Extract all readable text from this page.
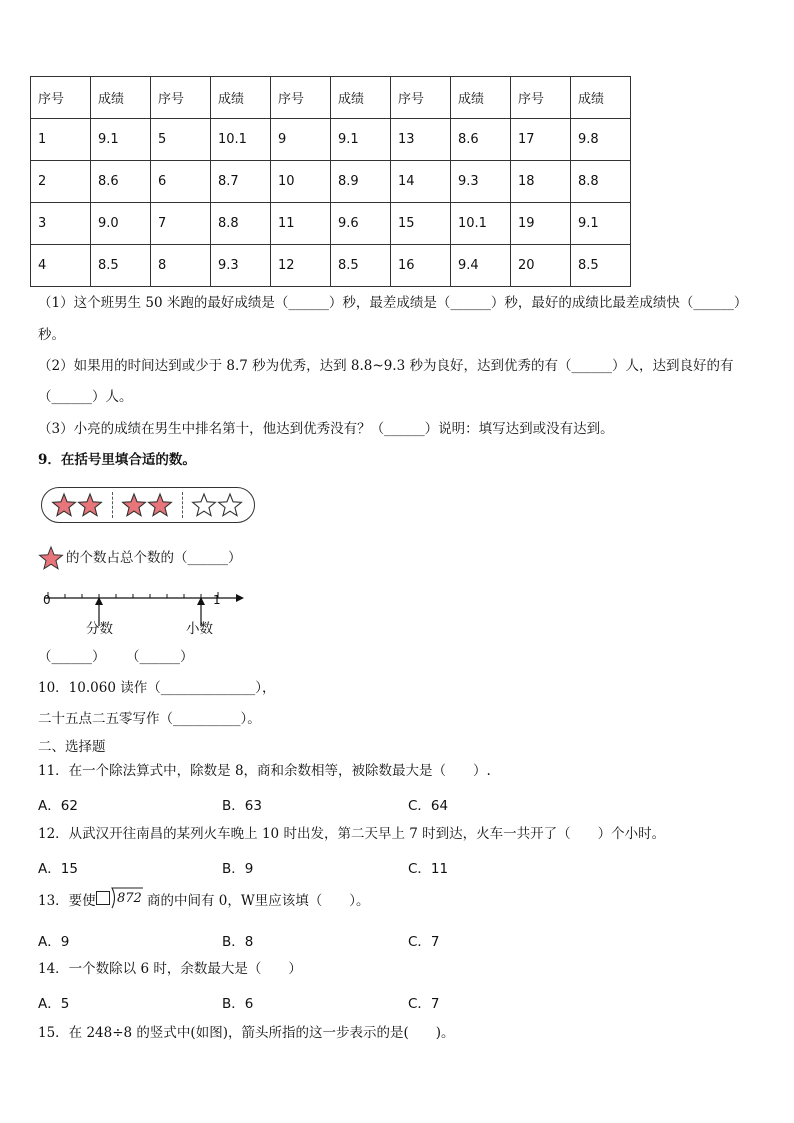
序号	成绩	序号	成绩	序号	成绩	序号	成绩	序号	成绩
1	9.1	5	10.1	9	9.1	13	8.6	17	9.8
2	8.6	6	8.7	10	8.9	14	9.3	18	8.8
3	9.0	7	8.8	11	9.6	15	10.1	19	9.1
4	8.5	8	9.3	12	8.5	16	9.4	20	8.5
（1）这个班男生 50 米跑的最好成绩是（______）秒，最差成绩是（______）秒，最好的成绩比最差成绩快（______）
秒。
（2）如果用的时间达到或少于 8.7 秒为优秀，达到 8.8~9.3 秒为良好，达到优秀的有（______）人，达到良好的有
（______）人。
（3）小亮的成绩在男生中排名第十，他达到优秀没有？（______）说明：填写达到或没有达到。
9．在括号里填合适的数。
的个数占总个数的（______）
0	1
分数	小数
（______） （______）
10．10.060 读作（______________），
二十五点二五零写作（__________）。
二、选择题
11．在一个除法算式中，除数是 8，商和余数相等，被除数最大是（　　）.
A．62	B．63	C．64
12．从武汉开往南昌的某列火车晚上 10 时出发，第二天早上 7 时到达，火车一共开了（　　）个小时。
A．15	B．9	C．11
13．要使 872 商的中间有 0，W里应该填（　　）。
A．9	B．8	C．7
14．一个数除以 6 时，余数最大是（　　）
A．5	B．6	C．7
15．在 248÷8 的竖式中(如图)，箭头所指的这一步表示的是(　　)。
